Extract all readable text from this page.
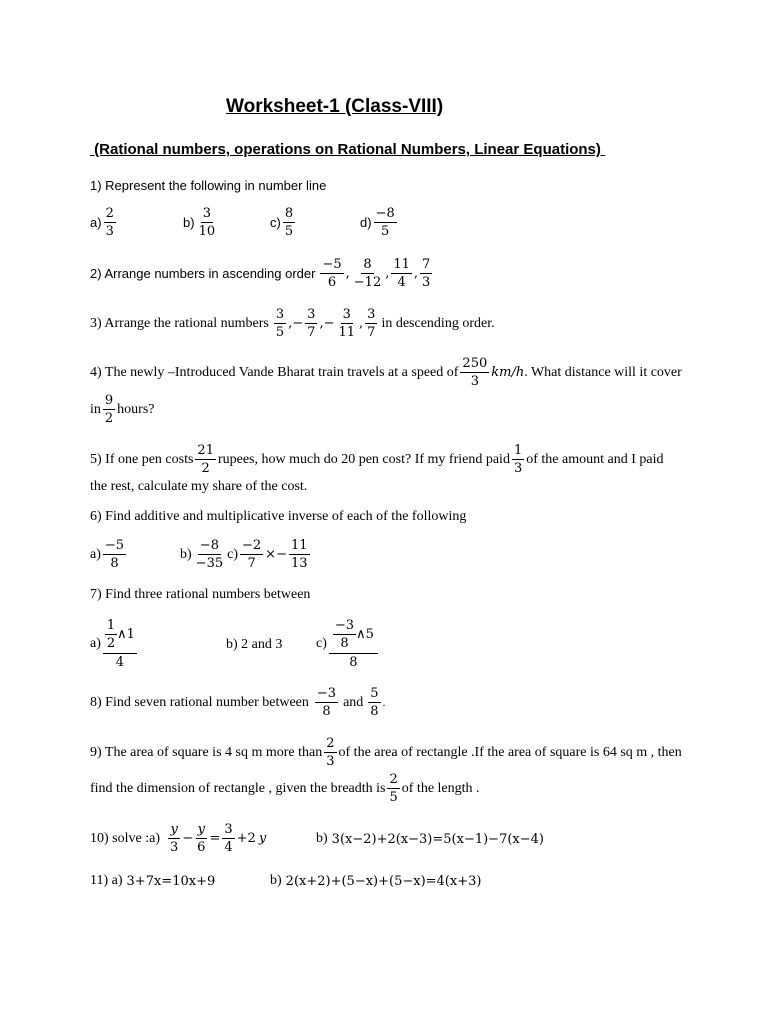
Worksheet-1 (Class-VIII)
(Rational numbers, operations on Rational Numbers, Linear Equations)
1) Represent the following in number line
$a) \frac{2}{3}$	$b) \frac{3}{10}$	$c) \frac{8}{5}$	$d) \frac{-8}{5}$
2) Arrange numbers in ascending order $\frac{-5}{6}$ , $\frac{8}{-12}$ , $\frac{11}{4}$ , $\frac{7}{3}$
3) Arrange the rational numbers $\frac{3}{5}$ , − $\frac{3}{7}$ , − $\frac{3}{11}$ , $\frac{3}{7}$ in descending order.
4) The newly –Introduced Vande Bharat train travels at a speed of $\frac{250}{3} km/h$ . What distance will it cover
in $\frac{9}{2}$ hours?
5) If one pen costs $\frac{21}{2}$ rupees, how much do 20 pen cost? If my friend paid $\frac{1}{3}$ of the amount and I paid
the rest, calculate my share of the cost.
6) Find additive and multiplicative inverse of each of the following
$a) \frac{-5}{8}$	$b) \frac{-8}{-35} c) \frac{-2}{7} \times- \frac{11}{13}$
7) Find three rational numbers between
$a) \frac{\frac{1}{2} \wedge 1}{4}$	b) 2 and 3 $c) \frac{\frac{-3}{8} \wedge 5}{8}$
8) Find seven rational number between $\frac{-3}{8}$ and $\frac{5}{8}$ .
9) The area of square is 4 sq m more than $\frac{2}{3}$ of the area of rectangle .If the area of square is 64 sq m , then
find the dimension of rectangle , given the breadth is $\frac{2}{5}$ of the length .
10) solve :a) $\frac{y}{3} - \frac{y}{6} = \frac{3}{4} +2$ y	b) 3(x−2)+2(x−3)=5(x−1)−7(x−4)
11) a) 3+7x=10x+9	b) 2(x+2)+(5−x)+(5−x)=4(x+3)
